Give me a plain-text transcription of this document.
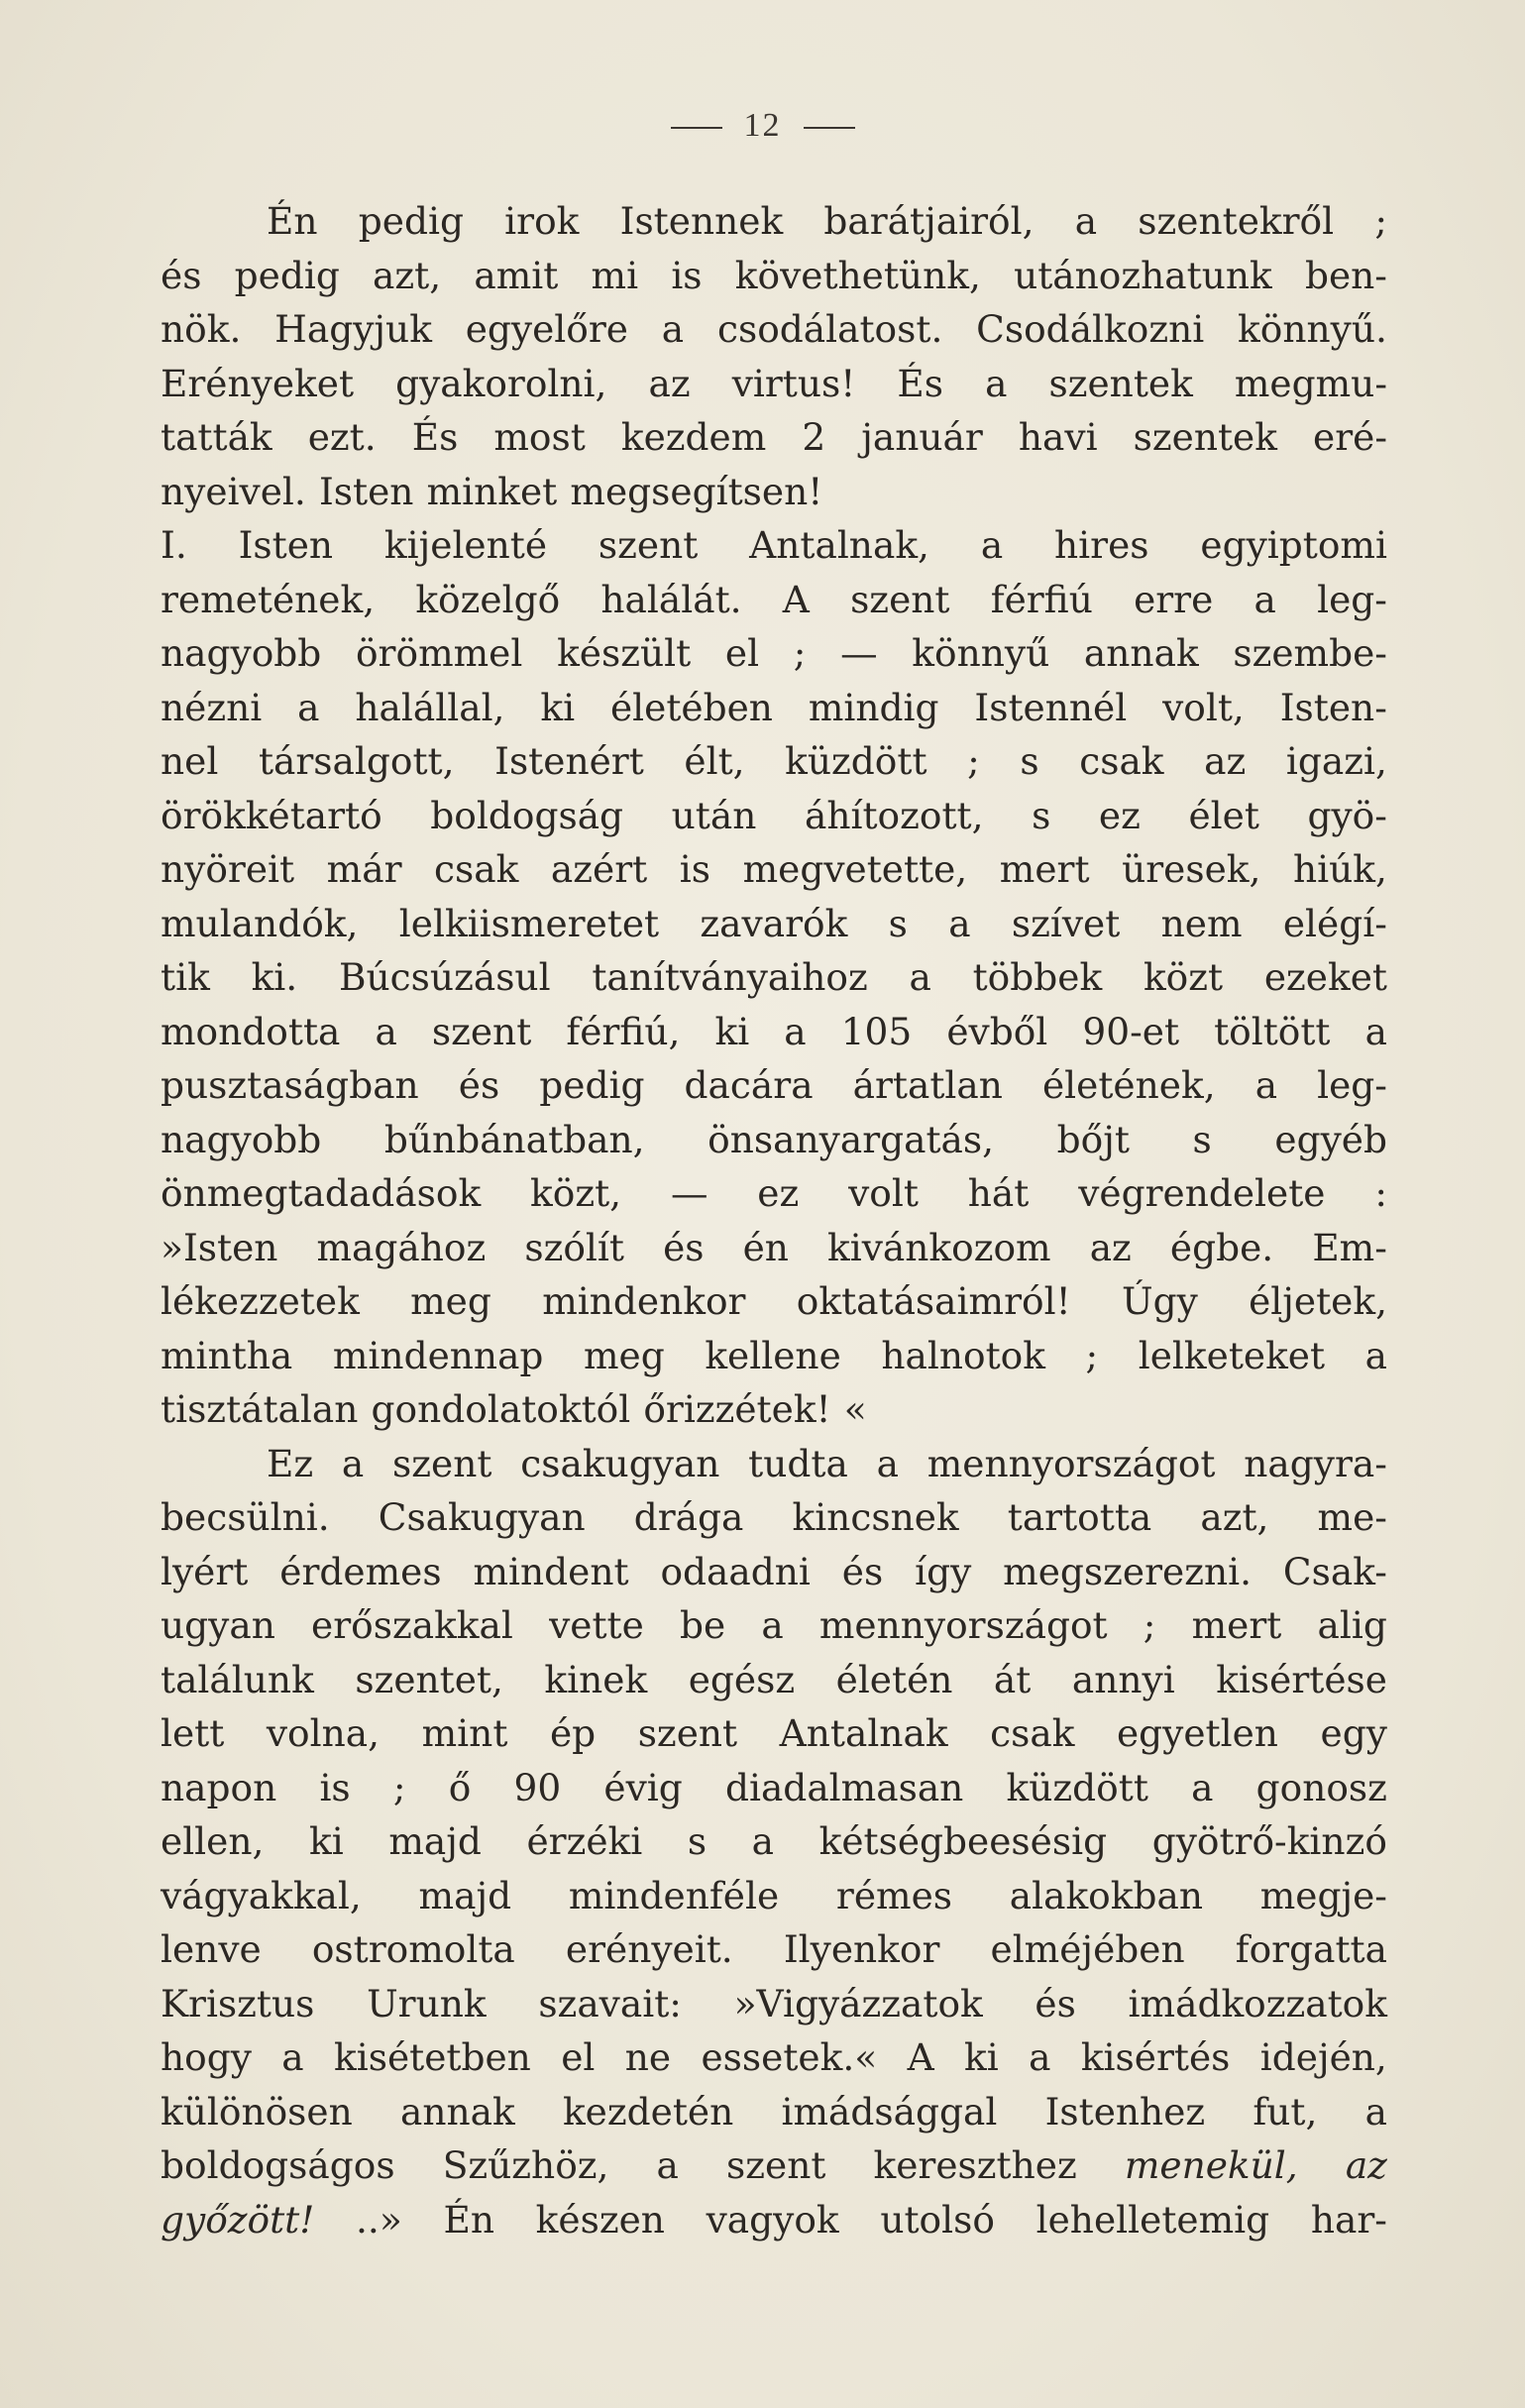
12
Én pedig irok Istennek barátjairól, a szentekről ;
és pedig azt, amit mi is követhetünk, utánozhatunk ben-
nök. Hagyjuk egyelőre a csodálatost. Csodálkozni könnyű.
Erényeket gyakorolni, az virtus! És a szentek megmu-
tatták ezt. És most kezdem 2 január havi szentek eré-
nyeivel. Isten minket megsegítsen!
I. Isten kijelenté szent Antalnak, a hires egyiptomi
remetének, közelgő halálát. A szent férfiú erre a leg-
nagyobb örömmel készült el ; — könnyű annak szembe-
nézni a halállal, ki életében mindig Istennél volt, Isten-
nel társalgott, Istenért élt, küzdött ; s csak az igazi,
örökkétartó boldogság után áhítozott, s ez élet gyö-
nyöreit már csak azért is megvetette, mert üresek, hiúk,
mulandók, lelkiismeretet zavarók s a szívet nem elégí-
tik ki. Búcsúzásul tanítványaihoz a többek közt ezeket
mondotta a szent férfiú, ki a 105 évből 90-et töltött a
pusztaságban és pedig dacára ártatlan életének, a leg-
nagyobb bűnbánatban, önsanyargatás, bőjt s egyéb
önmegtadadások közt, — ez volt hát végrendelete :
»Isten magához szólít és én kivánkozom az égbe. Em-
lékezzetek meg mindenkor oktatásaimról! Úgy éljetek,
mintha mindennap meg kellene halnotok ; lelketeket a
tisztátalan gondolatoktól őrizzétek! «
Ez a szent csakugyan tudta a mennyországot nagyra-
becsülni. Csakugyan drága kincsnek tartotta azt, me-
lyért érdemes mindent odaadni és így megszerezni. Csak-
ugyan erőszakkal vette be a mennyországot ; mert alig
találunk szentet, kinek egész életén át annyi kisértése
lett volna, mint ép szent Antalnak csak egyetlen egy
napon is ; ő 90 évig diadalmasan küzdött a gonosz
ellen, ki majd érzéki s a kétségbeesésig gyötrő-kinzó
vágyakkal, majd mindenféle rémes alakokban megje-
lenve ostromolta erényeit. Ilyenkor elméjében forgatta
Krisztus Urunk szavait: »Vigyázzatok és imádkozzatok
hogy a kisétetben el ne essetek.« A ki a kisértés idején,
különösen annak kezdetén imádsággal Istenhez fut, a
boldogságos Szűzhöz, a szent kereszthez menekül, az
győzött! ..» Én készen vagyok utolsó lehelletemig har-
